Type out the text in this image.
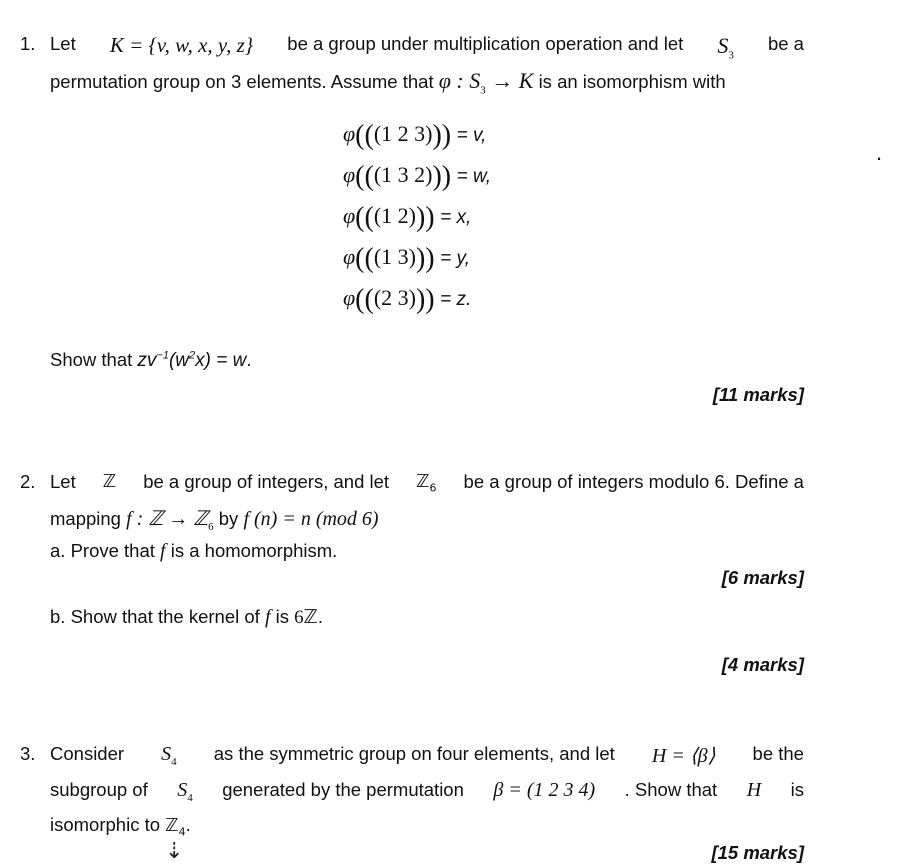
1. Let K = {v, w, x, y, z} be a group under multiplication operation and let $S_3$
be a
permutation group on 3 elements. Assume that φ : $S_3 \to K$ is an isomorphism with
φ(((1 2 3))) = v,
φ(((1 3 2))) = w,
φ(((1 2))) = x,
φ(((1 3))) = y,
φ(((2 3))) = z.
.
Show that $zv^{-1}(w^2x) = w$.
[11 marks]
2. Let ℤ be a group of integers, and let ℤ$_6$ be a group of integers modulo 6. Define a
mapping f : ℤ → ℤ$_6$ by f (n) = n (mod 6)
a. Prove that f is a homomorphism.
[6 marks]
b. Show that the kernel of f is 6ℤ.
[4 marks]
3. Consider $S_4$ as the symmetric group on four elements, and let H = ⟨β⟩ be the
subgroup of $S_4$ generated by the permutation β = (1 2 3 4) . Show that H is
isomorphic to ℤ$_4$.
⇣	[15 marks]
